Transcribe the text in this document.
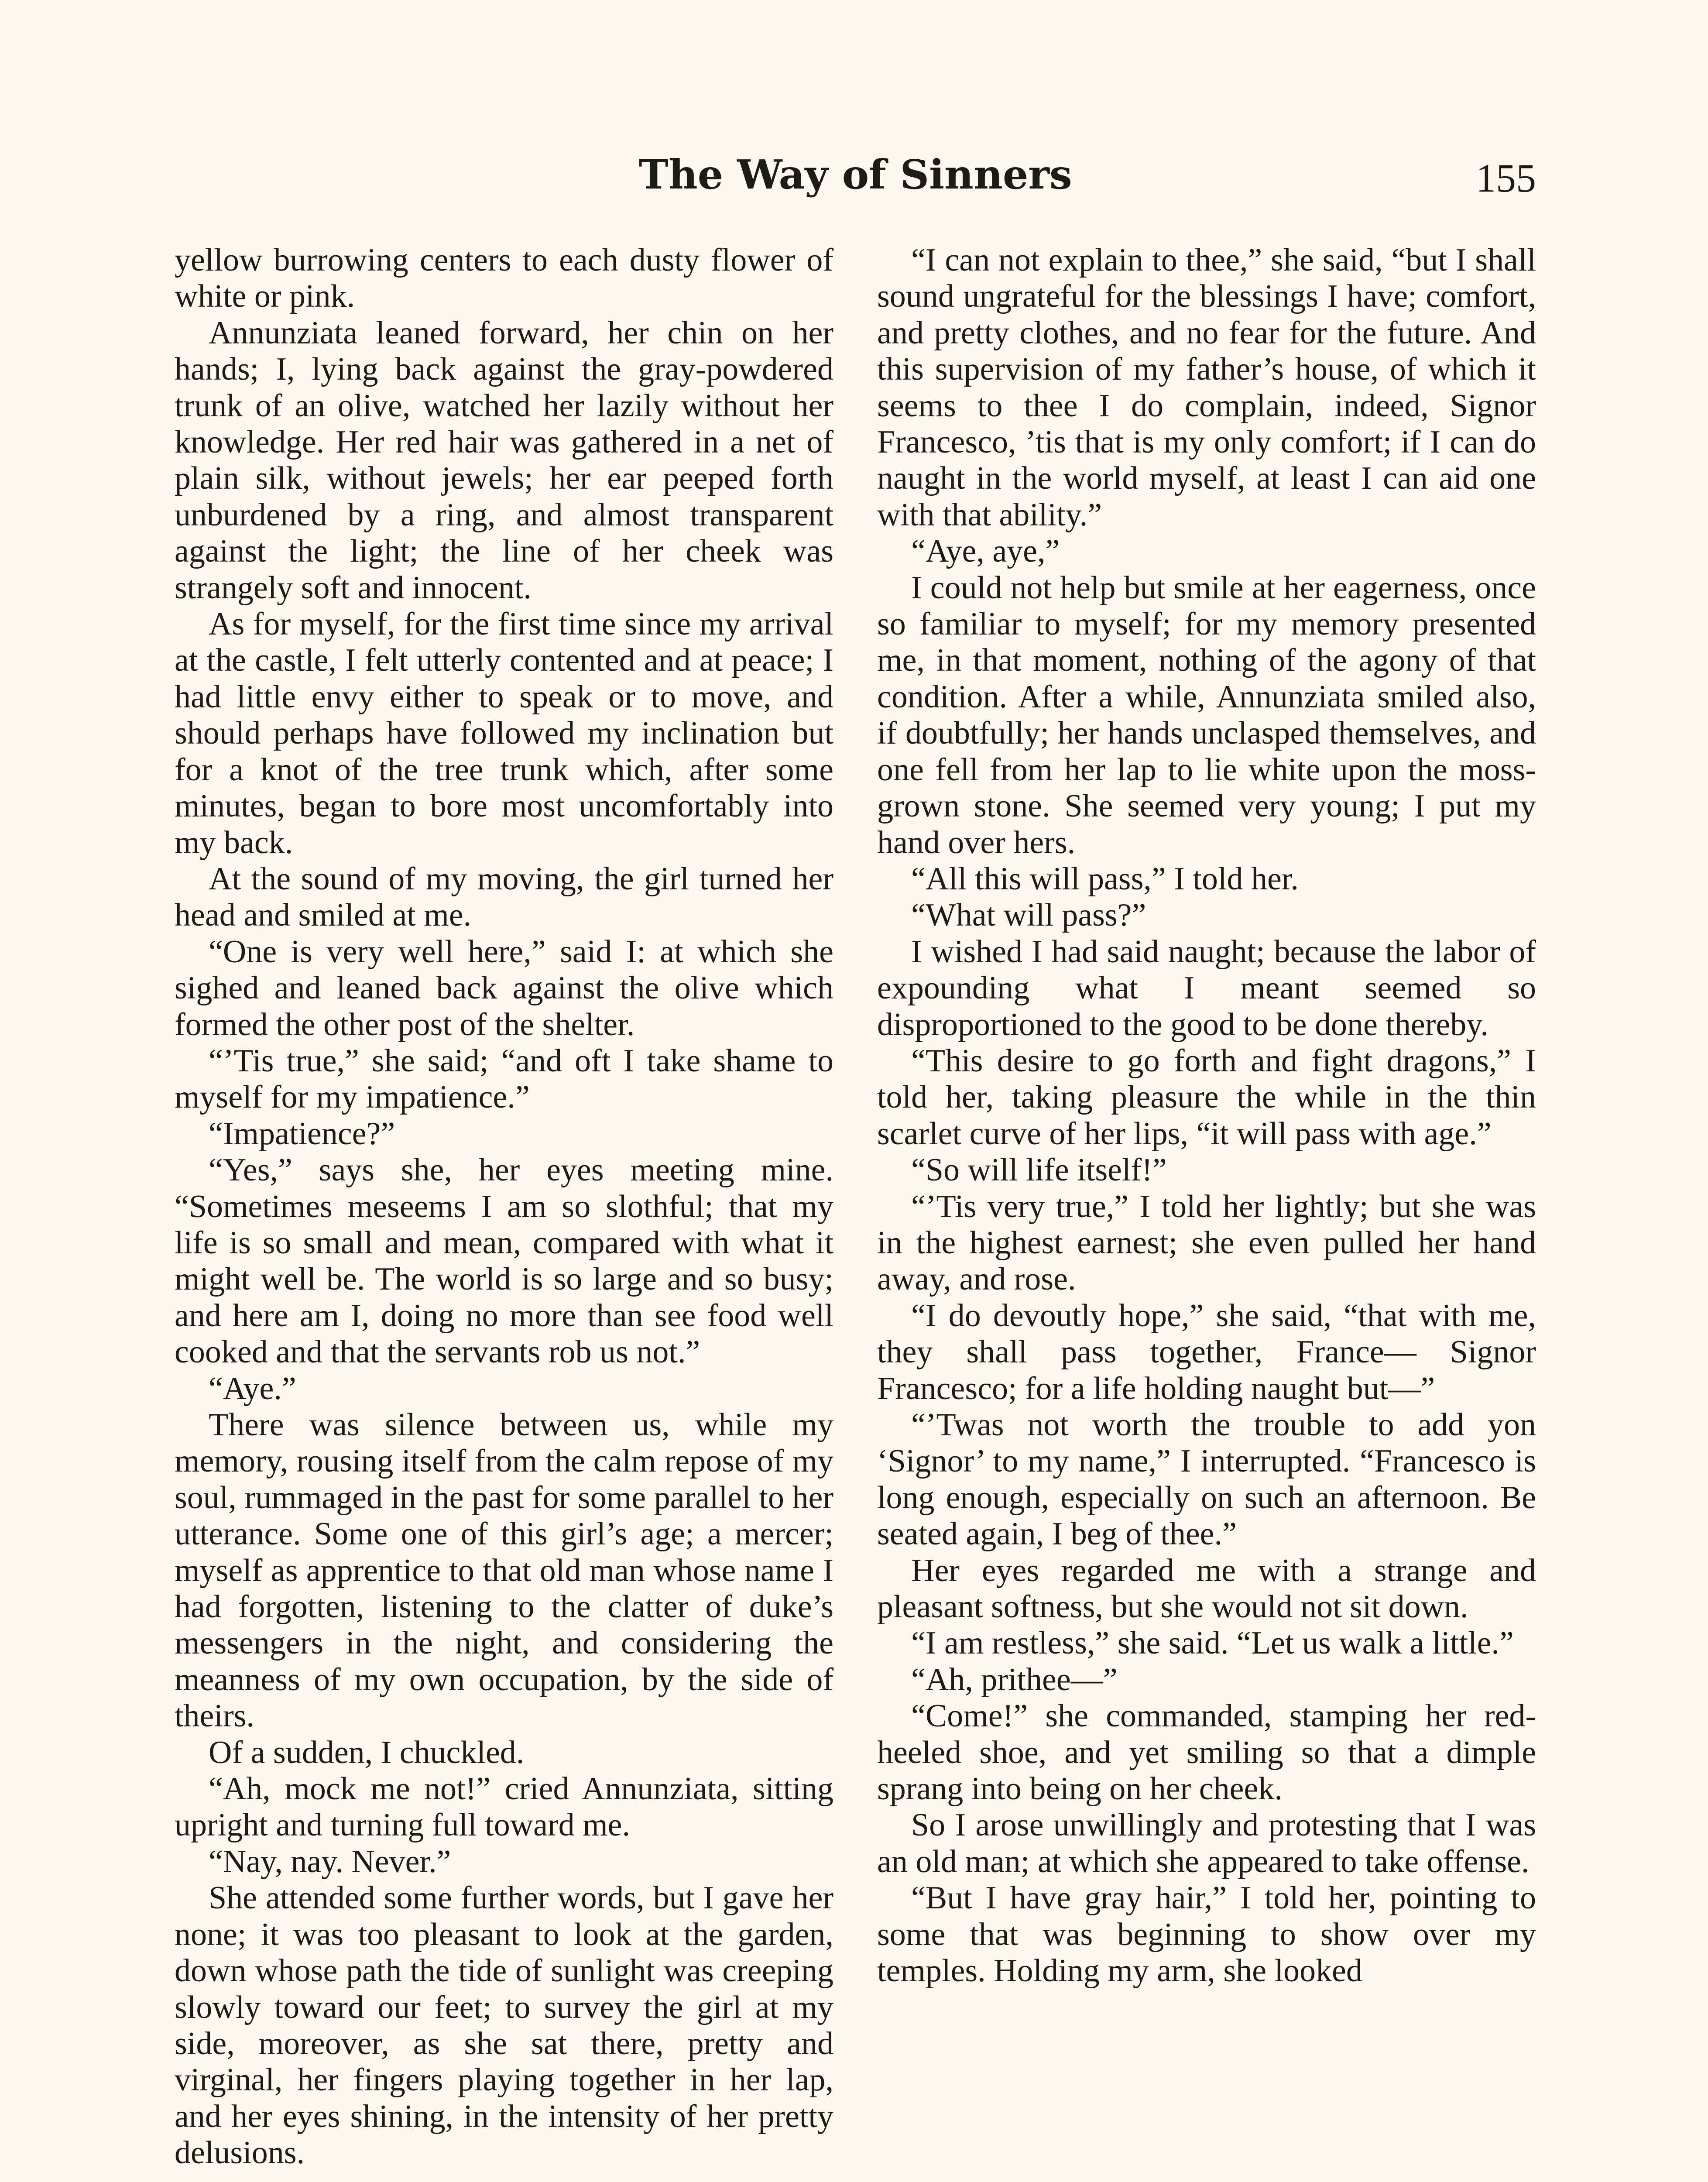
The Way of Sinners	155

yellow burrowing centers to each dusty flower of white or pink.

Annunziata leaned forward, her chin on her hands; I, lying back against the gray-powdered trunk of an olive, watched her lazily without her knowledge. Her red hair was gathered in a net of plain silk, without jewels; her ear peeped forth unburdened by a ring, and almost transparent against the light; the line of her cheek was strangely soft and innocent.

As for myself, for the first time since my arrival at the castle, I felt utterly contented and at peace; I had little envy either to speak or to move, and should perhaps have followed my inclination but for a knot of the tree trunk which, after some minutes, began to bore most uncomfortably into my back.

At the sound of my moving, the girl turned her head and smiled at me.

“One is very well here,” said I: at which she sighed and leaned back against the olive which formed the other post of the shelter.

“’Tis true,” she said; “and oft I take shame to myself for my impatience.”

“Impatience?”

“Yes,” says she, her eyes meeting mine. “Sometimes meseems I am so slothful; that my life is so small and mean, compared with what it might well be. The world is so large and so busy; and here am I, doing no more than see food well cooked and that the servants rob us not.”

“Aye.”

There was silence between us, while my memory, rousing itself from the calm repose of my soul, rummaged in the past for some parallel to her utterance. Some one of this girl’s age; a mercer; myself as apprentice to that old man whose name I had forgotten, listening to the clatter of duke’s messengers in the night, and considering the meanness of my own occupation, by the side of theirs.

Of a sudden, I chuckled.

“Ah, mock me not!” cried Annunziata, sitting upright and turning full toward me.

“Nay, nay. Never.”

She attended some further words, but I gave her none; it was too pleasant to look at the garden, down whose path the tide of sunlight was creeping slowly toward our feet; to survey the girl at my side, moreover, as she sat there, pretty and virginal, her fingers playing together in her lap, and her eyes shining, in the intensity of her pretty delusions.

“I can not explain to thee,” she said, “but I shall sound ungrateful for the blessings I have; comfort, and pretty clothes, and no fear for the future. And this supervision of my father’s house, of which it seems to thee I do complain, indeed, Signor Francesco, ’tis that is my only comfort; if I can do naught in the world myself, at least I can aid one with that ability.”

“Aye, aye,”

I could not help but smile at her eagerness, once so familiar to myself; for my memory presented me, in that moment, nothing of the agony of that condition. After a while, Annunziata smiled also, if doubtfully; her hands unclasped themselves, and one fell from her lap to lie white upon the moss-grown stone. She seemed very young; I put my hand over hers.

“All this will pass,” I told her.

“What will pass?”

I wished I had said naught; because the labor of expounding what I meant seemed so disproportioned to the good to be done thereby.

“This desire to go forth and fight dragons,” I told her, taking pleasure the while in the thin scarlet curve of her lips, “it will pass with age.”

“So will life itself!”

“’Tis very true,” I told her lightly; but she was in the highest earnest; she even pulled her hand away, and rose.

“I do devoutly hope,” she said, “that with me, they shall pass together, France— Signor Francesco; for a life holding naught but—”

“’Twas not worth the trouble to add yon ‘Signor’ to my name,” I interrupted. “Francesco is long enough, especially on such an afternoon. Be seated again, I beg of thee.”

Her eyes regarded me with a strange and pleasant softness, but she would not sit down.

“I am restless,” she said. “Let us walk a little.”

“Ah, prithee—”

“Come!” she commanded, stamping her red-heeled shoe, and yet smiling so that a dimple sprang into being on her cheek.

So I arose unwillingly and protesting that I was an old man; at which she appeared to take offense.

“But I have gray hair,” I told her, pointing to some that was beginning to show over my temples. Holding my arm, she looked
